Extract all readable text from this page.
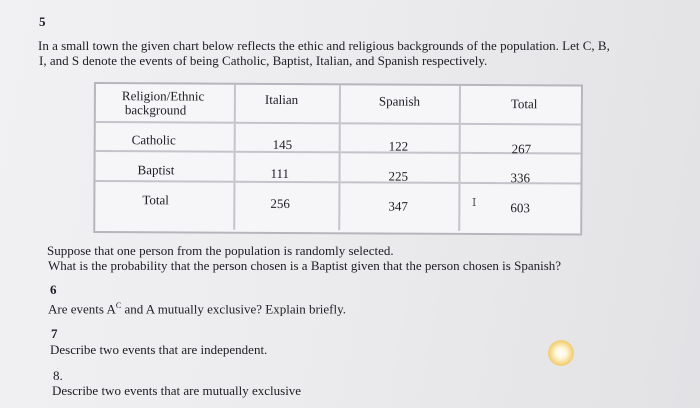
5
In a small town the given chart below reflects the ethic and religious backgrounds of the population. Let C, B,
I, and S denote the events of being Catholic, Baptist, Italian, and Spanish respectively.
Religion/Ethnic
background
Italian	Spanish	Total
Catholic	145	122	267
Baptist	111	225	336
Total	256	347	603
I
Suppose that one person from the population is randomly selected.
What is the probability that the person chosen is a Baptist given that the person chosen is Spanish?
6
Are events $A^C$ and A mutually exclusive? Explain briefly.
7
Describe two events that are independent.
8.
Describe two events that are mutually exclusive
